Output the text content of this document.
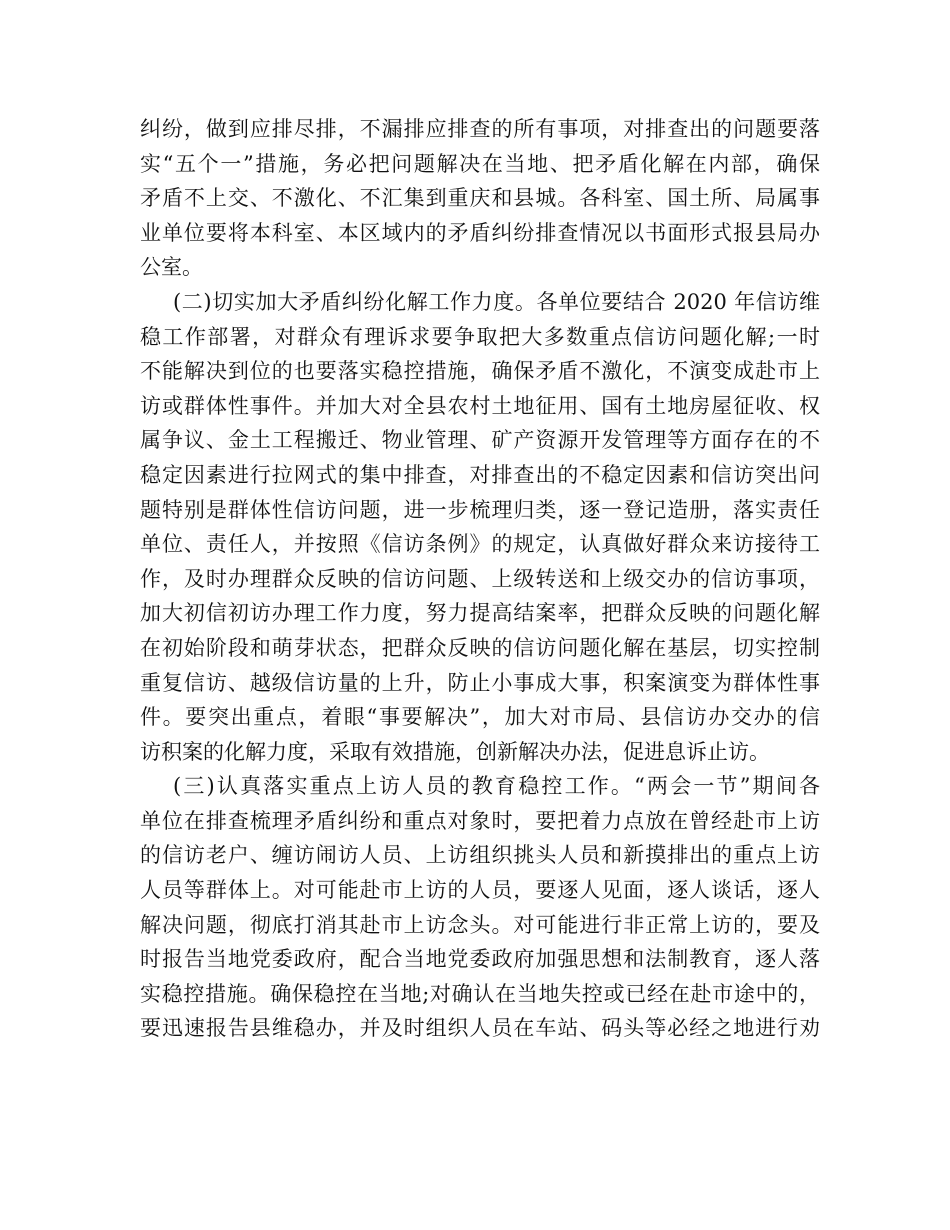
纠纷，做到应排尽排，不漏排应排查的所有事项，对排查出的问题要落
实“五个一”措施，务必把问题解决在当地、把矛盾化解在内部，确保
矛盾不上交、不激化、不汇集到重庆和县城。各科室、国土所、局属事
业单位要将本科室、本区域内的矛盾纠纷排查情况以书面形式报县局办
公室。
(二)切实加大矛盾纠纷化解工作力度。各单位要结合 2020 年信访维
稳工作部署，对群众有理诉求要争取把大多数重点信访问题化解;一时
不能解决到位的也要落实稳控措施，确保矛盾不激化，不演变成赴市上
访或群体性事件。并加大对全县农村土地征用、国有土地房屋征收、权
属争议、金土工程搬迁、物业管理、矿产资源开发管理等方面存在的不
稳定因素进行拉网式的集中排查，对排查出的不稳定因素和信访突出问
题特别是群体性信访问题，进一步梳理归类，逐一登记造册，落实责任
单位、责任人，并按照《信访条例》的规定，认真做好群众来访接待工
作，及时办理群众反映的信访问题、上级转送和上级交办的信访事项，
加大初信初访办理工作力度，努力提高结案率，把群众反映的问题化解
在初始阶段和萌芽状态，把群众反映的信访问题化解在基层，切实控制
重复信访、越级信访量的上升，防止小事成大事，积案演变为群体性事
件。要突出重点，着眼“事要解决”，加大对市局、县信访办交办的信
访积案的化解力度，采取有效措施，创新解决办法，促进息诉止访。
(三)认真落实重点上访人员的教育稳控工作。“两会一节”期间各
单位在排查梳理矛盾纠纷和重点对象时，要把着力点放在曾经赴市上访
的信访老户、缠访闹访人员、上访组织挑头人员和新摸排出的重点上访
人员等群体上。对可能赴市上访的人员，要逐人见面，逐人谈话，逐人
解决问题，彻底打消其赴市上访念头。对可能进行非正常上访的，要及
时报告当地党委政府，配合当地党委政府加强思想和法制教育，逐人落
实稳控措施。确保稳控在当地;对确认在当地失控或已经在赴市途中的，
要迅速报告县维稳办，并及时组织人员在车站、码头等必经之地进行劝
